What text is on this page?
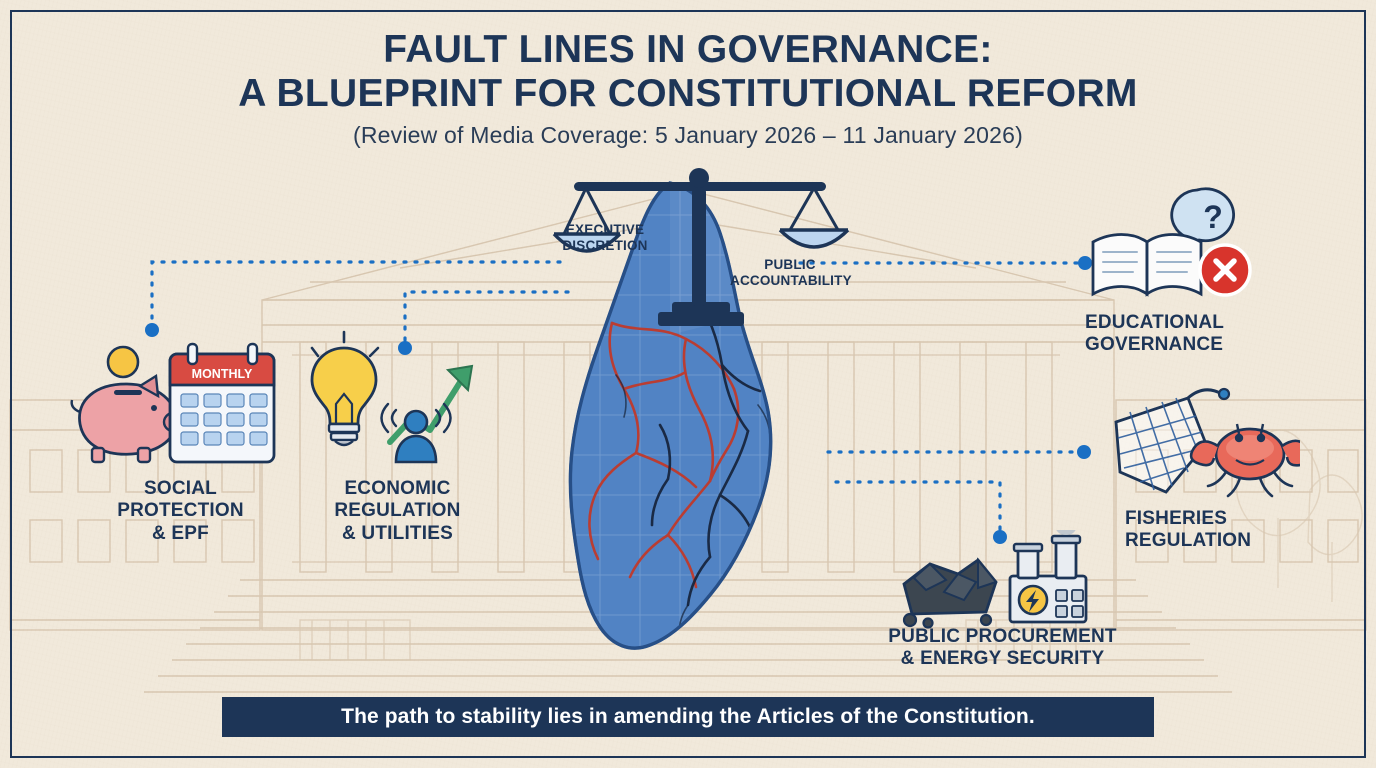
FAULT LINES IN GOVERNANCE:
A BLUEPRINT FOR CONSTITUTIONAL REFORM
(Review of Media Coverage: 5 January 2026 – 11 January 2026)
EXECUTIVE
DISCRETION
PUBLIC
ACCOUNTABILITY
MONTHLY
SOCIAL
PROTECTION
& EPF
ECONOMIC
REGULATION
& UTILITIES
?
EDUCATIONAL
GOVERNANCE
FISHERIES
REGULATION
PUBLIC PROCUREMENT
& ENERGY SECURITY
The path to stability lies in amending the Articles of the Constitution.
